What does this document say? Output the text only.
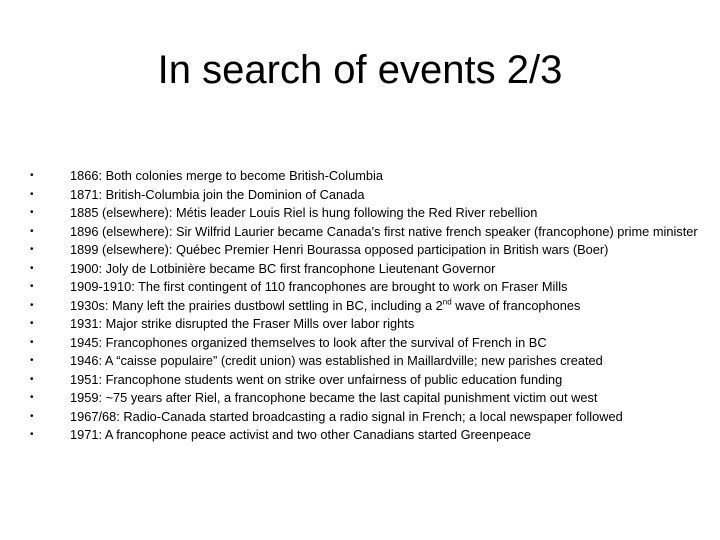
In search of events 2/3
•	1866: Both colonies merge to become British-Columbia
•	1871: British-Columbia join the Dominion of Canada
•	1885 (elsewhere): Métis leader Louis Riel is hung following the Red River rebellion
•	1896 (elsewhere): Sir Wilfrid Laurier became Canada's first native french speaker (francophone) prime minister
•	1899 (elsewhere): Québec Premier Henri Bourassa opposed participation in British wars (Boer)
•	1900: Joly de Lotbinière became BC first francophone Lieutenant Governor
•	1909-1910: The first contingent of 110 francophones are brought to work on Fraser Mills
•	1930s: Many left the prairies dustbowl settling in BC, including a 2nd wave of francophones
•	1931: Major strike disrupted the Fraser Mills over labor rights
•	1945: Francophones organized themselves to look after the survival of French in BC
•	1946: A “caisse populaire” (credit union) was established in Maillardville; new parishes created
•	1951: Francophone students went on strike over unfairness of public education funding
•	1959: ~75 years after Riel, a francophone became the last capital punishment victim out west
•	1967/68: Radio-Canada started broadcasting a radio signal in French; a local newspaper followed
•	1971: A francophone peace activist and two other Canadians started Greenpeace
